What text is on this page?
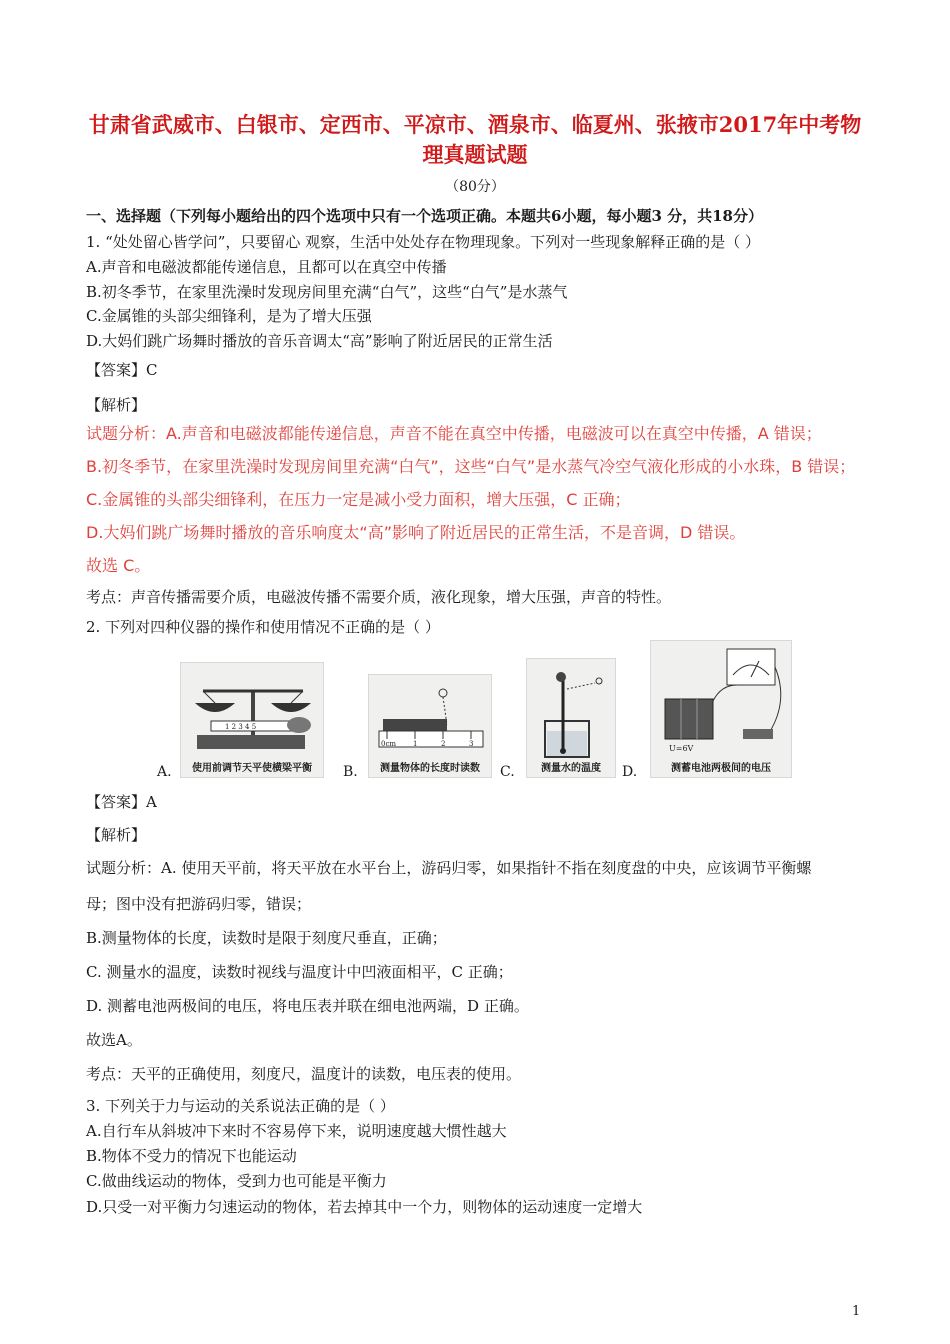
甘肃省武威市、白银市、定西市、平凉市、酒泉市、临夏州、张掖市2017年中考物理真题试题
（80分）
一、选择题（下列每小题给出的四个选项中只有一个选项正确。本题共6小题，每小题3 分，共18分）
1. “处处留心皆学问”，只要留心 观察，生活中处处存在物理现象。下列对一些现象解释正确的是（ ）
A.声音和电磁波都能传递信息，且都可以在真空中传播
B.初冬季节，在家里洗澡时发现房间里充满“白气”，这些“白气”是水蒸气
C.金属锥的头部尖细锋利，是为了增大压强
D.大妈们跳广场舞时播放的音乐音调太“高”影响了附近居民的正常生活
【答案】C
【解析】
试题分析：A.声音和电磁波都能传递信息，声音不能在真空中传播，电磁波可以在真空中传播，A 错误；
B.初冬季节，在家里洗澡时发现房间里充满“白气”，这些“白气”是水蒸气冷空气液化形成的小水珠，B 错误；
C.金属锥的头部尖细锋利，在压力一定是减小受力面积，增大压强，C 正确；
D.大妈们跳广场舞时播放的音乐响度太“高”影响了附近居民的正常生活，不是音调，D 错误。
故选 C。
考点：声音传播需要介质，电磁波传播不需要介质，液化现象，增大压强，声音的特性。
2. 下列对四种仪器的操作和使用情况不正确的是（ ）
1 2 3 4 5
使用前调节天平使横梁平衡
A.
0cm 1	2	3
测量物体的长度时读数
B.	测量水的温度
C.
U=6V
测蓄电池两极间的电压
D.
【答案】A
【解析】
试题分析：A. 使用天平前，将天平放在水平台上，游码归零，如果指针不指在刻度盘的中央，应该调节平衡螺
母；图中没有把游码归零，错误；
B.测量物体的长度，读数时是限于刻度尺垂直，正确；
C. 测量水的温度，读数时视线与温度计中凹液面相平，C 正确；
D. 测蓄电池两极间的电压，将电压表并联在细电池两端，D 正确。
故选A。
考点：天平的正确使用，刻度尺，温度计的读数，电压表的使用。
3. 下列关于力与运动的关系说法正确的是（ ）
A.自行车从斜坡冲下来时不容易停下来，说明速度越大惯性越大
B.物体不受力的情况下也能运动
C.做曲线运动的物体，受到力也可能是平衡力
D.只受一对平衡力匀速运动的物体，若去掉其中一个力，则物体的运动速度一定增大
1
